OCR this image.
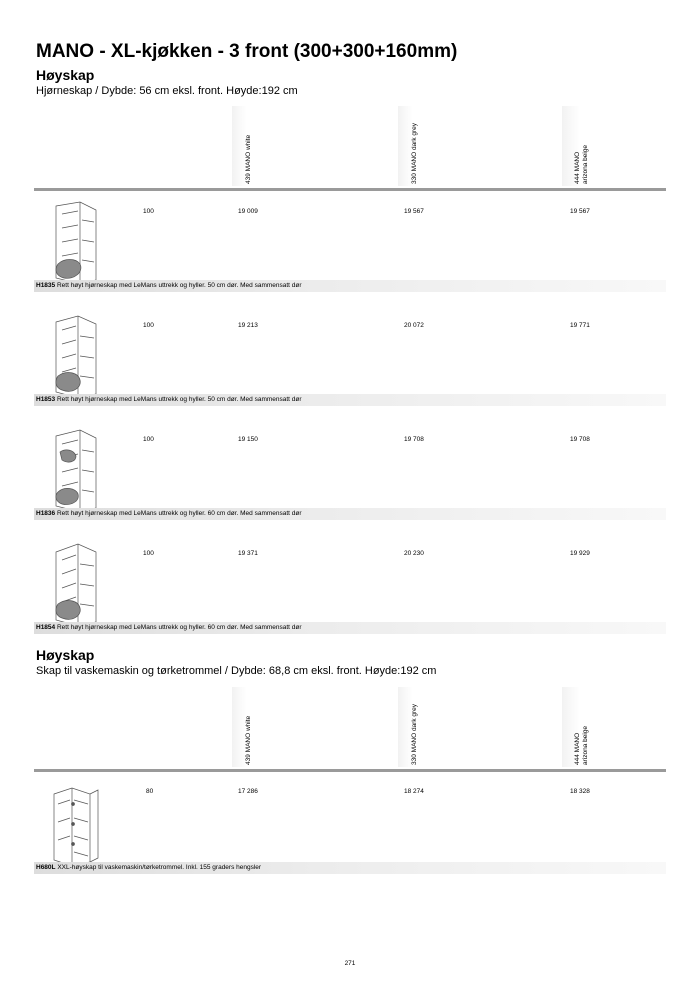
MANO - XL-kjøkken - 3 front (300+300+160mm)
Høyskap
Hjørneskap / Dybde: 56 cm eksl. front. Høyde:192 cm
439 MANO white	330 MANO dark grey	444 MANO arizona beige
100	19 009	19 567	19 567
H1835 Rett høyt hjørneskap med LeMans uttrekk og hyller. 50 cm dør. Med sammensatt dør
100	19 213	20 072	19 771
H1853 Rett høyt hjørneskap med LeMans uttrekk og hyller. 50 cm dør. Med sammensatt dør
100	19 150	19 708	19 708
H1836 Rett høyt hjørneskap med LeMans uttrekk og hyller. 60 cm dør. Med sammensatt dør
100	19 371	20 230	19 929
H1854 Rett høyt hjørneskap med LeMans uttrekk og hyller. 60 cm dør. Med sammensatt dør
Høyskap
Skap til vaskemaskin og tørketrommel / Dybde: 68,8 cm eksl. front. Høyde:192 cm
439 MANO white	330 MANO dark grey	444 MANO arizona beige
80	17 286	18 274	18 328
H680L XXL-høyskap til vaskemaskin/tørketrommel. Inkl. 155 graders hengsler
271
